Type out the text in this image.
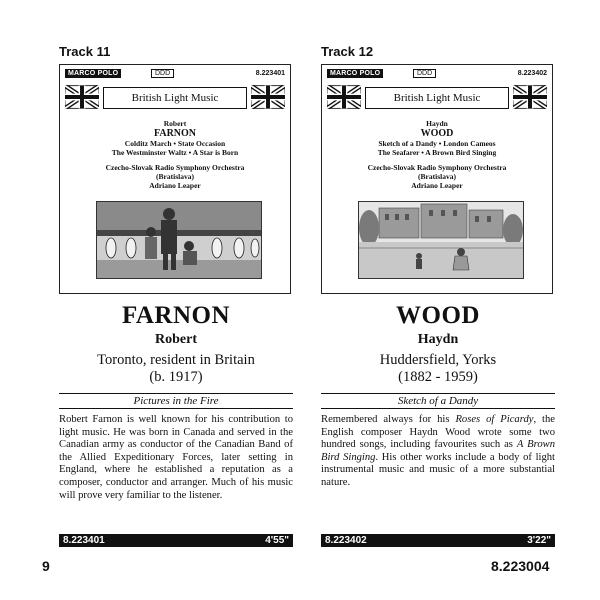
Track 11
MARCO POLO	DDD	8.223401
British Light Music
Robert
FARNON
Colditz March • State Occasion
The Westminster Waltz • A Star is Born
Czecho-Slovak Radio Symphony Orchestra
(Bratislava)
Adriano Leaper
FARNON
Robert
Toronto, resident in Britain
(b. 1917)
Pictures in the Fire
Robert Farnon is well known for his contribution to light music. He was born in Canada and served in the Canadian army as conductor of the Canadian Band of the Allied Expeditionary Forces, later setting in England, where he established a reputation as a composer, conductor and arranger. Much of his music will prove very familiar to the listener.
8.223401	4'55"
Track 12
MARCO POLO	DDD	8.223402
British Light Music
Haydn
WOOD
Sketch of a Dandy • London Cameos
The Seafarer • A Brown Bird Singing
Czecho-Slovak Radio Symphony Orchestra
(Bratislava)
Adriano Leaper
WOOD
Haydn
Huddersfield, Yorks
(1882 - 1959)
Sketch of a Dandy
Remembered always for his Roses of Picardy, the English composer Haydn Wood wrote some two hundred songs, including favourites such as A Brown Bird Singing. His other works include a body of light instrumental music and music of a more substantial nature.
8.223402	3'22"
9	8.223004
